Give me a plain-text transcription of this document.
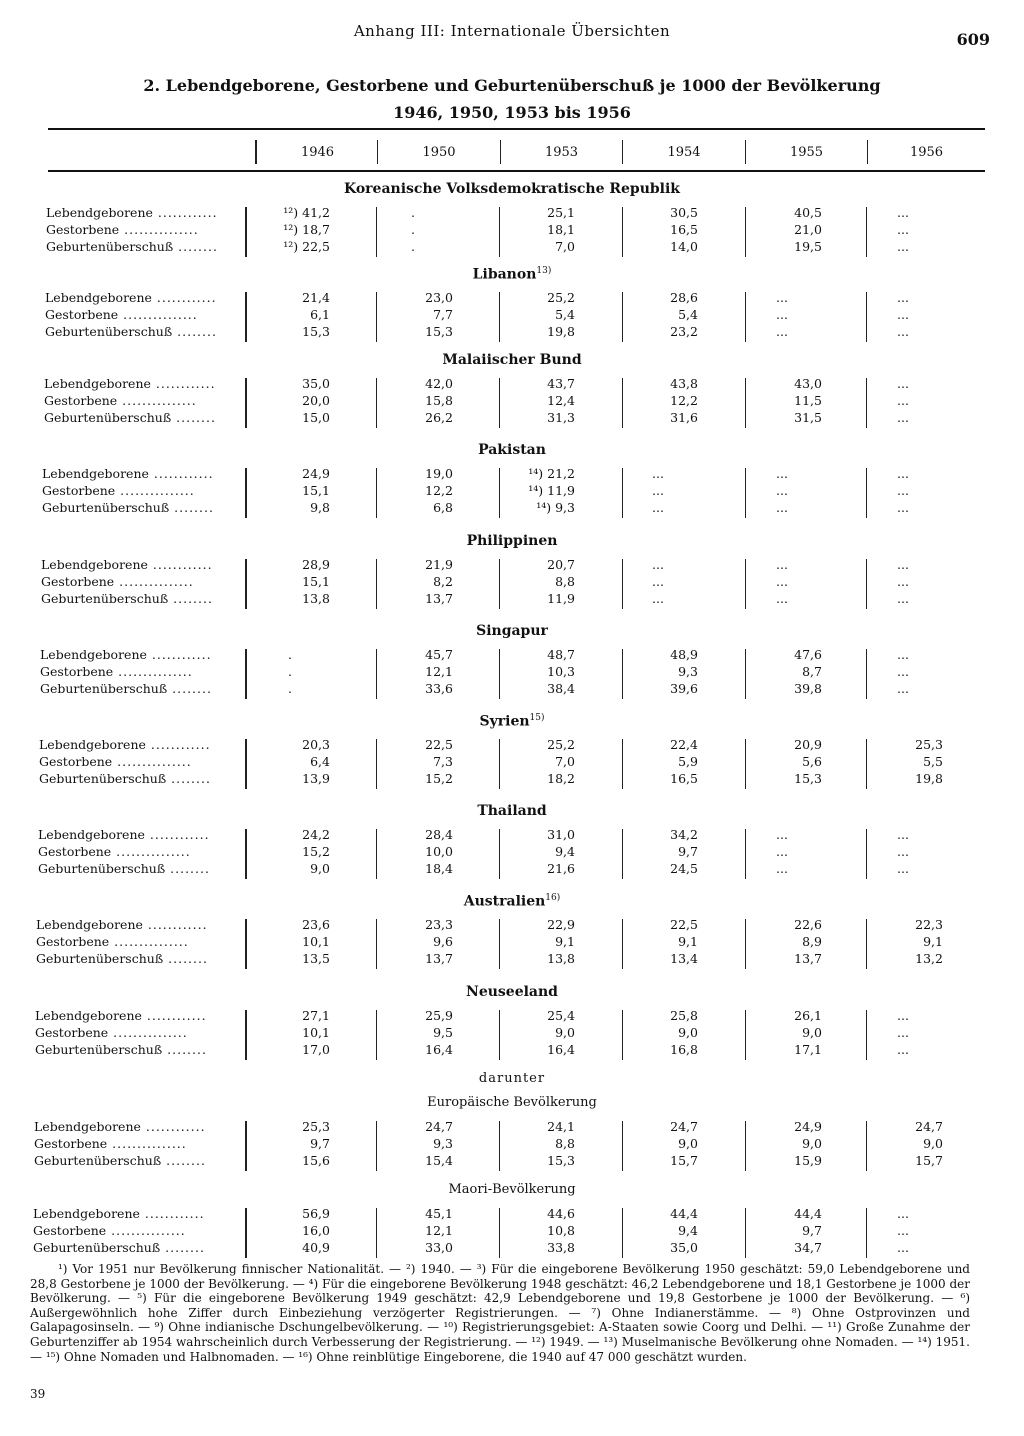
Anhang III: Internationale Übersichten	609
2. Lebendgeborene, Gestorbene und Geburtenüberschuß je 1000 der Bevölkerung
1946, 1950, 1953 bis 1956
1946	1950	1953	1954	1955	1956
Koreanische Volksdemokratische Republik
Lebendgeborene ............	¹²) 41,2	.	25,1	30,5	40,5	...
Gestorbene ...............	¹²) 18,7	.	18,1	16,5	21,0	...
Geburtenüberschuß ........	¹²) 22,5	.	7,0	14,0	19,5	...
Libanon$^{13)}$
Lebendgeborene ............	21,4	23,0	25,2	28,6	...	...
Gestorbene ...............	6,1	7,7	5,4	5,4	...	...
Geburtenüberschuß ........	15,3	15,3	19,8	23,2	...	...
Malaiischer Bund
Lebendgeborene ............	35,0	42,0	43,7	43,8	43,0	...
Gestorbene ...............	20,0	15,8	12,4	12,2	11,5	...
Geburtenüberschuß ........	15,0	26,2	31,3	31,6	31,5	...
Pakistan
Lebendgeborene ............	24,9	19,0	¹⁴) 21,2	...	...	...
Gestorbene ...............	15,1	12,2	¹⁴) 11,9	...	...	...
Geburtenüberschuß ........	9,8	6,8	¹⁴) 9,3	...	...	...
Philippinen
Lebendgeborene ............	28,9	21,9	20,7	...	...	...
Gestorbene ...............	15,1	8,2	8,8	...	...	...
Geburtenüberschuß ........	13,8	13,7	11,9	...	...	...
Singapur
Lebendgeborene ............	.	45,7	48,7	48,9	47,6	...
Gestorbene ...............	.	12,1	10,3	9,3	8,7	...
Geburtenüberschuß ........	.	33,6	38,4	39,6	39,8	...
Syrien$^{15)}$
Lebendgeborene ............	20,3	22,5	25,2	22,4	20,9	25,3
Gestorbene ...............	6,4	7,3	7,0	5,9	5,6	5,5
Geburtenüberschuß ........	13,9	15,2	18,2	16,5	15,3	19,8
Thailand
Lebendgeborene ............	24,2	28,4	31,0	34,2	...	...
Gestorbene ...............	15,2	10,0	9,4	9,7	...	...
Geburtenüberschuß ........	9,0	18,4	21,6	24,5	...	...
Australien$^{16)}$
Lebendgeborene ............	23,6	23,3	22,9	22,5	22,6	22,3
Gestorbene ...............	10,1	9,6	9,1	9,1	8,9	9,1
Geburtenüberschuß ........	13,5	13,7	13,8	13,4	13,7	13,2
Neuseeland
Lebendgeborene ............	27,1	25,9	25,4	25,8	26,1	...
Gestorbene ...............	10,1	9,5	9,0	9,0	9,0	...
Geburtenüberschuß ........	17,0	16,4	16,4	16,8	17,1	...
darunter
Europäische Bevölkerung
Lebendgeborene ............	25,3	24,7	24,1	24,7	24,9	24,7
Gestorbene ...............	9,7	9,3	8,8	9,0	9,0	9,0
Geburtenüberschuß ........	15,6	15,4	15,3	15,7	15,9	15,7
Maori-Bevölkerung
Lebendgeborene ............	56,9	45,1	44,6	44,4	44,4	...
Gestorbene ...............	16,0	12,1	10,8	9,4	9,7	...
Geburtenüberschuß ........	40,9	33,0	33,8	35,0	34,7	...
¹) Vor 1951 nur Bevölkerung finnischer Nationalität. — ²) 1940. — ³) Für die eingeborene Bevölkerung 1950 geschätzt: 59,0 Lebendgeborene und 28,8 Gestorbene je 1000 der Bevölkerung. — ⁴) Für die eingeborene Bevölkerung 1948 geschätzt: 46,2 Lebendgeborene und 18,1 Gestorbene je 1000 der Bevölkerung. — ⁵) Für die eingeborene Bevölkerung 1949 geschätzt: 42,9 Lebendgeborene und 19,8 Gestorbene je 1000 der Bevölkerung. — ⁶) Außergewöhnlich hohe Ziffer durch Einbeziehung verzögerter Registrierungen. — ⁷) Ohne Indianerstämme. — ⁸) Ohne Ostprovinzen und Galapagosinseln. — ⁹) Ohne indianische Dschungelbevölkerung. — ¹⁰) Registrierungsgebiet: A-Staaten sowie Coorg und Delhi. — ¹¹) Große Zunahme der Geburtenziffer ab 1954 wahrscheinlich durch Verbesserung der Registrierung. — ¹²) 1949. — ¹³) Muselmanische Bevölkerung ohne Nomaden. — ¹⁴) 1951. — ¹⁵) Ohne Nomaden und Halbnomaden. — ¹⁶) Ohne reinblütige Eingeborene, die 1940 auf 47 000 geschätzt wurden.
39
